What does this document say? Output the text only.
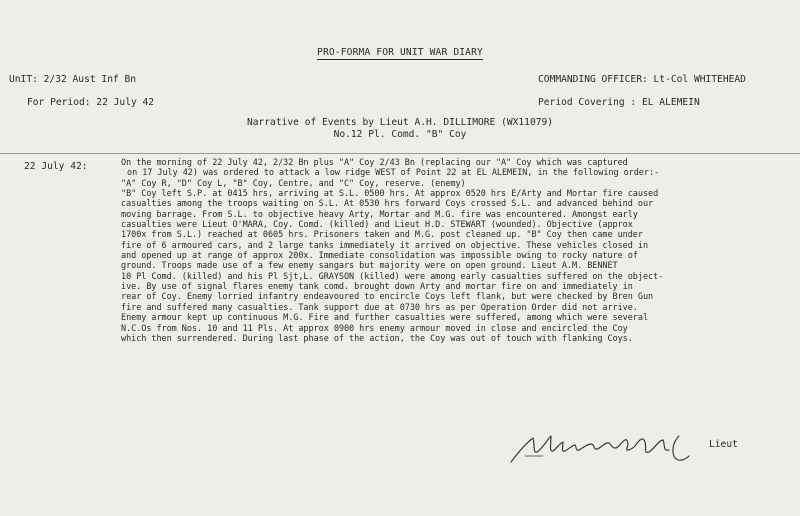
PRO-FORMA FOR UNIT WAR DIARY
UnIT: 2/32 Aust Inf Bn
For Period: 22 July 42
COMMANDING OFFICER: Lt-Col WHITEHEAD
Period Covering : EL ALEMEIN
Narrative of Events by Lieut A.H. DILLIMORE (WX11079)
No.12 Pl. Comd. "B" Coy
22 July 42:	On the morning of 22 July 42, 2/32 Bn plus "A" Coy 2/43 Bn (replacing our "A" Coy which was captured
on 17 July 42) was ordered to attack a low ridge WEST of Point 22 at EL ALEMEIN, in the following order:-
"A" Coy R, "D" Coy L, "B" Coy, Centre, and "C" Coy, reserve. (enemy)
"B" Coy left S.P. at 0415 hrs, arriving at S.L. 0500 hrs. At approx 0520 hrs E/Arty and Mortar fire caused
casualties among the troops waiting on S.L. At 0530 hrs forward Coys crossed S.L. and advanced behind our
moving barrage. From S.L. to objective heavy Arty, Mortar and M.G. fire was encountered. Amongst early
casualties were Lieut O'MARA, Coy. Comd. (killed) and Lieut H.D. STEWART (wounded). Objective (approx
1700x from S.L.) reached at 0605 hrs. Prisoners taken and M.G. post cleaned up. "B" Coy then came under
fire of 6 armoured cars, and 2 large tanks immediately it arrived on objective. These vehicles closed in
and opened up at range of approx 200x. Immediate consolidation was impossible owing to rocky nature of
ground. Troops made use of a few enemy sangars but majority were on open ground. Lieut A.M. BENNET
10 Pl Comd. (killed) and his Pl Sjt,L. GRAYSON (killed) were among early casualties suffered on the object-
ive. By use of signal flares enemy tank comd. brought down Arty and mortar fire on and immediately in
rear of Coy. Enemy lorried infantry endeavoured to encircle Coys left flank, but were checked by Bren Gun
fire and suffered many casualties. Tank support due at 0730 hrs as per Operation Order did not arrive.
Enemy armour kept up continuous M.G. Fire and further casualties were suffered, among which were several
N.C.Os from Nos. 10 and 11 Pls. At approx 0900 hrs enemy armour moved in close and encircled the Coy
which then surrendered. During last phase of the action, the Coy was out of touch with flanking Coys.
Lieut
